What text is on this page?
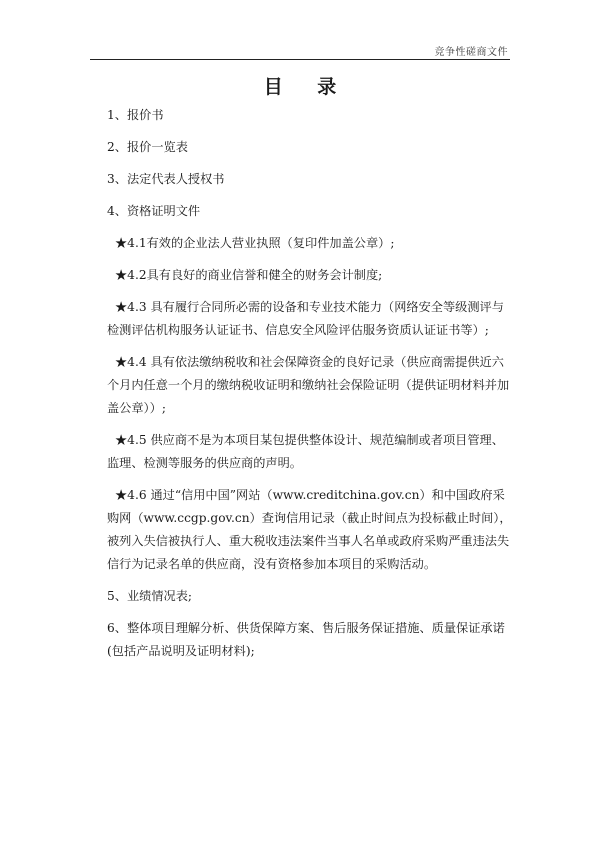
竞争性磋商文件
目 录

1、报价书

2、报价一览表

3、法定代表人授权书

4、资格证明文件

★4.1有效的企业法人营业执照（复印件加盖公章）;

★4.2具有良好的商业信誉和健全的财务会计制度;

★4.3 具有履行合同所必需的设备和专业技术能力（网络安全等级测评与检测评估机构服务认证证书、信息安全风险评估服务资质认证证书等）;

★4.4 具有依法缴纳税收和社会保障资金的良好记录（供应商需提供近六个月内任意一个月的缴纳税收证明和缴纳社会保险证明（提供证明材料并加盖公章））;

★4.5 供应商不是为本项目某包提供整体设计、规范编制或者项目管理、监理、检测等服务的供应商的声明。

★4.6 通过“信用中国”网站（www.creditchina.gov.cn）和中国政府采购网（www.ccgp.gov.cn）查询信用记录（截止时间点为投标截止时间），被列入失信被执行人、重大税收违法案件当事人名单或政府采购严重违法失信行为记录名单的供应商，没有资格参加本项目的采购活动。

5、业绩情况表;

6、整体项目理解分析、供货保障方案、售后服务保证措施、质量保证承诺(包括产品说明及证明材料);
